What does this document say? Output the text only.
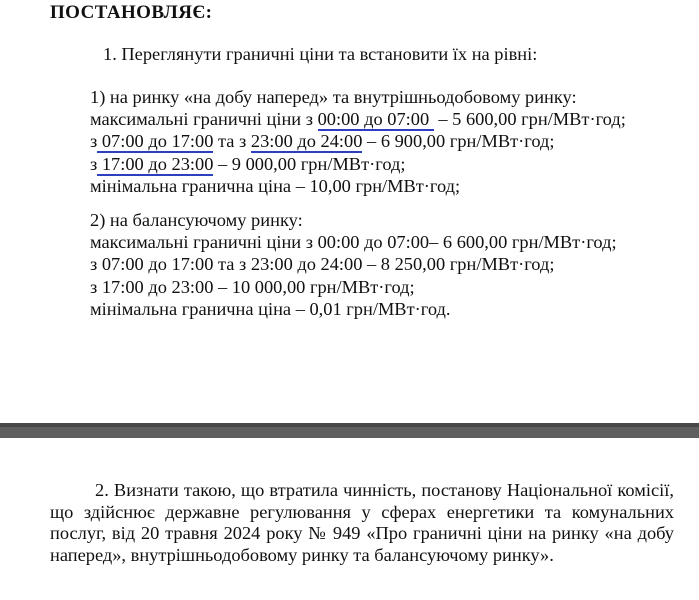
ПОСТАНОВЛЯЄ:
1. Переглянути граничні ціни та встановити їх на рівні:
1) на ринку «на добу наперед» та внутрішньодобовому ринку:
максимальні граничні ціни з 00:00 до 07:00  – 5 600,00 грн/МВт·год;
з 07:00 до 17:00 та з 23:00 до 24:00 – 6 900,00 грн/МВт·год;
з 17:00 до 23:00 – 9 000,00 грн/МВт·год;
мінімальна гранична ціна – 10,00 грн/МВт·год;
2) на балансуючому ринку:
максимальні граничні ціни з 00:00 до 07:00– 6 600,00 грн/МВт·год;
з 07:00 до 17:00 та з 23:00 до 24:00 – 8 250,00 грн/МВт·год;
з 17:00 до 23:00 – 10 000,00 грн/МВт·год;
мінімальна гранична ціна – 0,01 грн/МВт·год.
2. Визнати такою, що втратила чинність, постанову Національної комісії, що здійснює державне регулювання у сферах енергетики та комунальних послуг, від 20 травня 2024 року № 949 «Про граничні ціни на ринку «на добу наперед», внутрішньодобовому ринку та балансуючому ринку».
